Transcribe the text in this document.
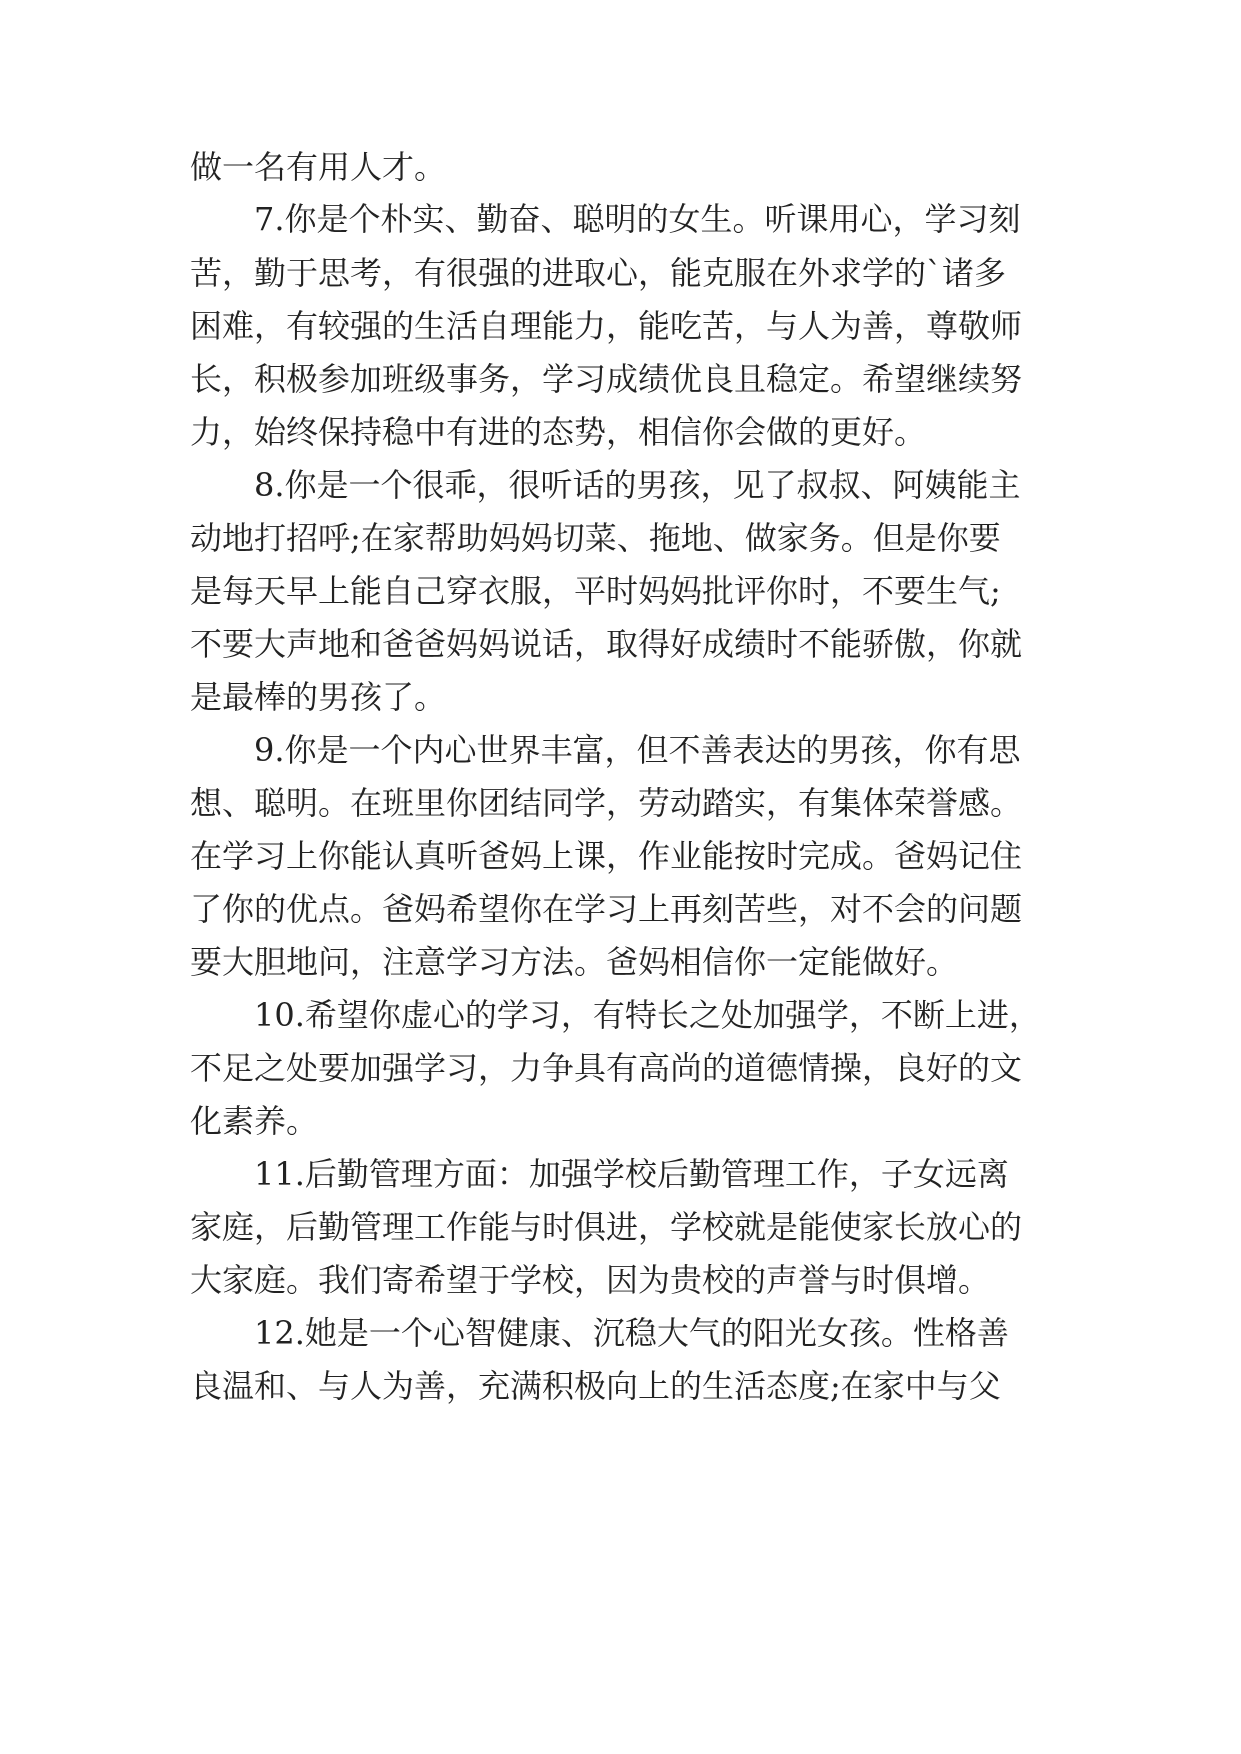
做一名有用人才。
7.你是个朴实、勤奋、聪明的女生。听课用心，学习刻
苦，勤于思考，有很强的进取心，能克服在外求学的`诸多
困难，有较强的生活自理能力，能吃苦，与人为善，尊敬师
长，积极参加班级事务，学习成绩优良且稳定。希望继续努
力，始终保持稳中有进的态势，相信你会做的更好。
8.你是一个很乖，很听话的男孩，见了叔叔、阿姨能主
动地打招呼;在家帮助妈妈切菜、拖地、做家务。但是你要
是每天早上能自己穿衣服，平时妈妈批评你时，不要生气;
不要大声地和爸爸妈妈说话，取得好成绩时不能骄傲，你就
是最棒的男孩了。
9.你是一个内心世界丰富，但不善表达的男孩，你有思
想、聪明。在班里你团结同学，劳动踏实，有集体荣誉感。
在学习上你能认真听爸妈上课，作业能按时完成。爸妈记住
了你的优点。爸妈希望你在学习上再刻苦些，对不会的问题
要大胆地问，注意学习方法。爸妈相信你一定能做好。
10.希望你虚心的学习，有特长之处加强学，不断上进，
不足之处要加强学习，力争具有高尚的道德情操，良好的文
化素养。
11.后勤管理方面：加强学校后勤管理工作，子女远离
家庭，后勤管理工作能与时俱进，学校就是能使家长放心的
大家庭。我们寄希望于学校，因为贵校的声誉与时俱增。
12.她是一个心智健康、沉稳大气的阳光女孩。性格善
良温和、与人为善，充满积极向上的生活态度;在家中与父
